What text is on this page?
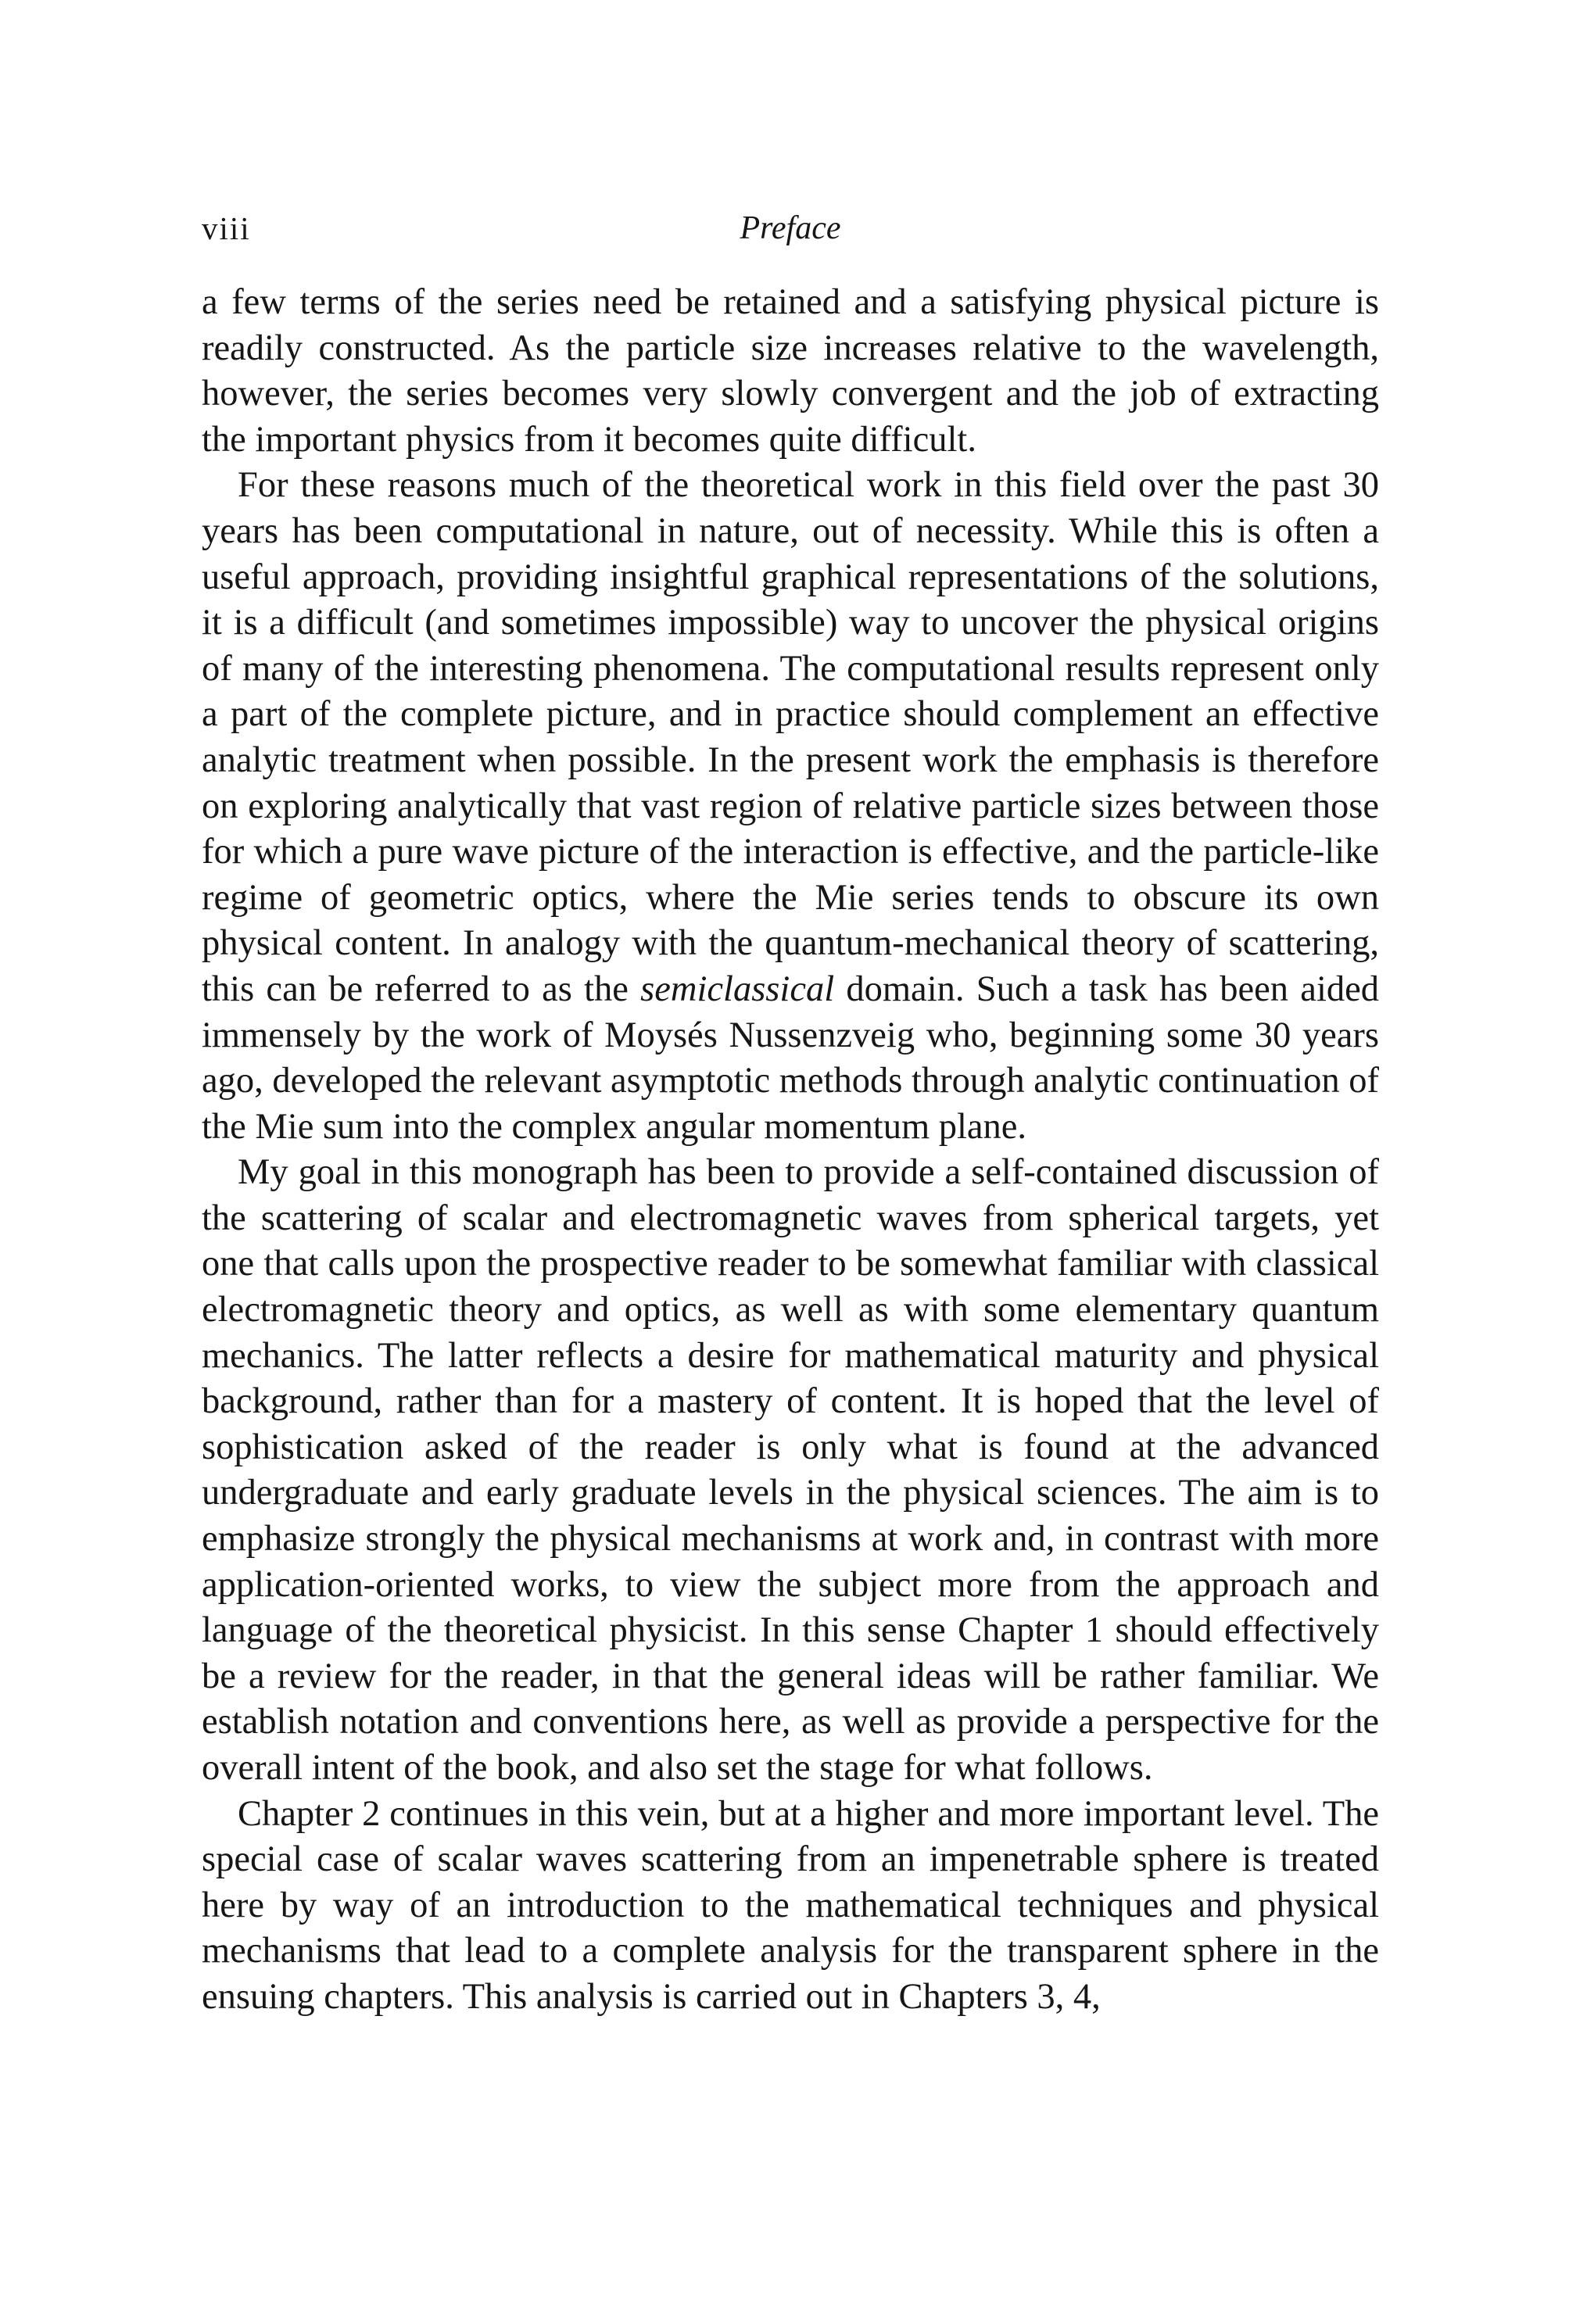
viii	Preface

a few terms of the series need be retained and a satisfying physical picture is readily constructed. As the particle size increases relative to the wavelength, however, the series becomes very slowly convergent and the job of extracting the important physics from it becomes quite difficult.

For these reasons much of the theoretical work in this field over the past 30 years has been computational in nature, out of necessity. While this is often a useful approach, providing insightful graphical representations of the solutions, it is a difficult (and sometimes impossible) way to uncover the physical origins of many of the interesting phenomena. The computational results represent only a part of the complete picture, and in practice should complement an effective analytic treatment when possible. In the present work the emphasis is therefore on exploring analytically that vast region of relative particle sizes between those for which a pure wave picture of the interaction is effective, and the particle-like regime of geometric optics, where the Mie series tends to obscure its own physical content. In analogy with the quantum-mechanical theory of scattering, this can be referred to as the semiclassical domain. Such a task has been aided immensely by the work of Moysés Nussenzveig who, beginning some 30 years ago, developed the relevant asymptotic methods through analytic continuation of the Mie sum into the complex angular momentum plane.

My goal in this monograph has been to provide a self-contained discussion of the scattering of scalar and electromagnetic waves from spherical targets, yet one that calls upon the prospective reader to be somewhat familiar with classical electromagnetic theory and optics, as well as with some elementary quantum mechanics. The latter reflects a desire for mathematical maturity and physical background, rather than for a mastery of content. It is hoped that the level of sophistication asked of the reader is only what is found at the advanced undergraduate and early graduate levels in the physical sciences. The aim is to emphasize strongly the physical mechanisms at work and, in contrast with more application-oriented works, to view the subject more from the approach and language of the theoretical physicist. In this sense Chapter 1 should effectively be a review for the reader, in that the general ideas will be rather familiar. We establish notation and conventions here, as well as provide a perspective for the overall intent of the book, and also set the stage for what follows.

Chapter 2 continues in this vein, but at a higher and more important level. The special case of scalar waves scattering from an impenetrable sphere is treated here by way of an introduction to the mathematical techniques and physical mechanisms that lead to a complete analysis for the transparent sphere in the ensuing chapters. This analysis is carried out in Chapters 3, 4,
